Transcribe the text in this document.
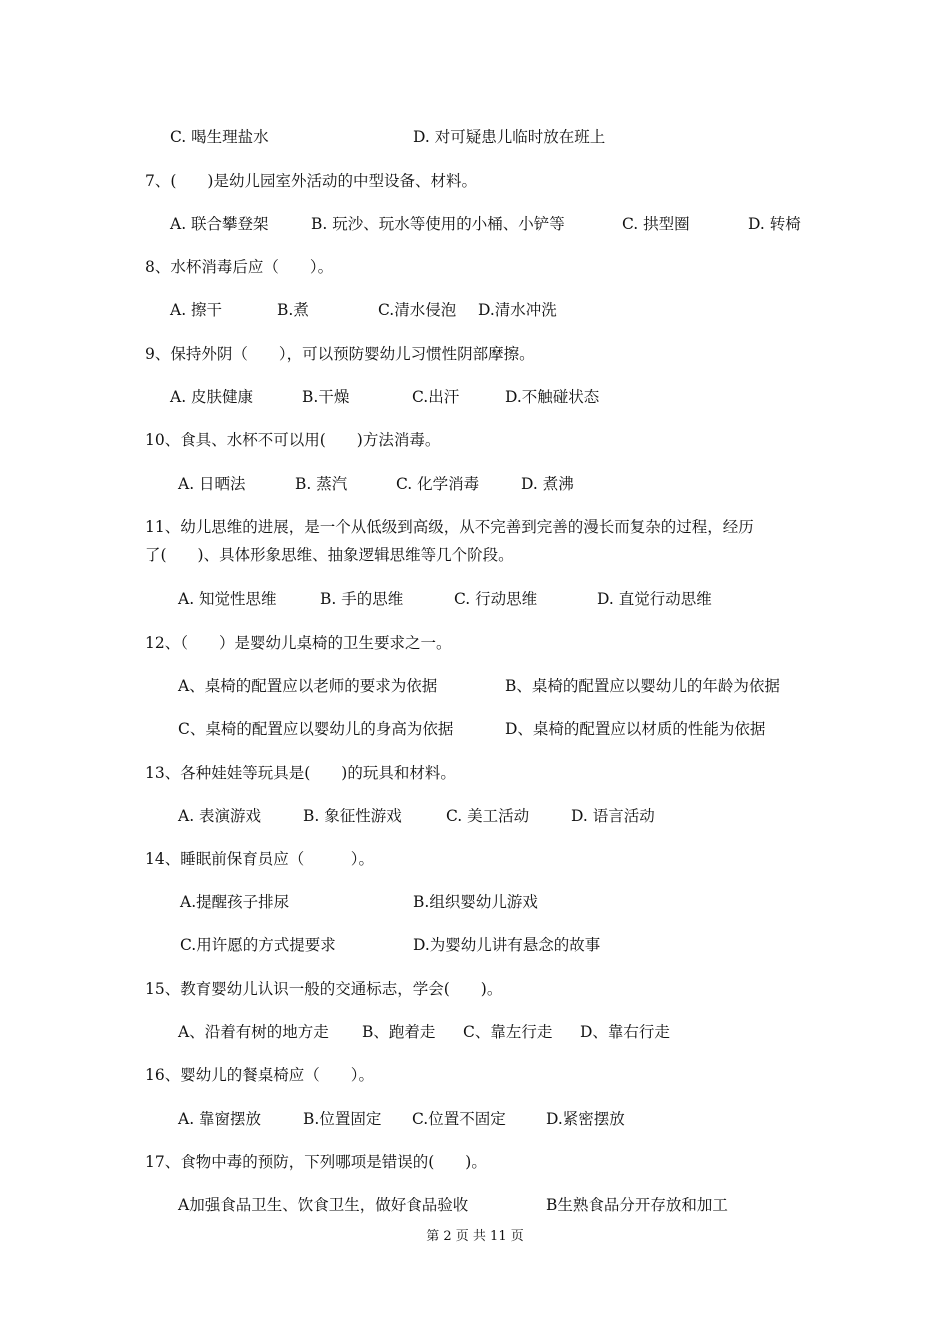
C. 喝生理盐水	D. 对可疑患儿临时放在班上
7、(　　)是幼儿园室外活动的中型设备、材料。
A. 联合攀登架	B. 玩沙、玩水等使用的小桶、小铲等	C. 拱型圈	D. 转椅
8、水杯消毒后应（　　）。
A. 擦干	B.煮	C.清水侵泡 D.清水冲洗
9、保持外阴（　　），可以预防婴幼儿习惯性阴部摩擦。
A. 皮肤健康	B.干燥	C.出汗	D.不触碰状态
10、食具、水杯不可以用(　　)方法消毒。
A. 日晒法	B. 蒸汽	C. 化学消毒	D. 煮沸
11、幼儿思维的进展，是一个从低级到高级，从不完善到完善的漫长而复杂的过程，经历
了(　　)、具体形象思维、抽象逻辑思维等几个阶段。
A. 知觉性思维	B. 手的思维	C. 行动思维	D. 直觉行动思维
12、（　　）是婴幼儿桌椅的卫生要求之一。
A、桌椅的配置应以老师的要求为依据	B、桌椅的配置应以婴幼儿的年龄为依据
C、桌椅的配置应以婴幼儿的身高为依据	D、桌椅的配置应以材质的性能为依据
13、各种娃娃等玩具是(　　)的玩具和材料。
A. 表演游戏	B. 象征性游戏	C. 美工活动	D. 语言活动
14、睡眠前保育员应（　　　）。
A.提醒孩子排尿	B.组织婴幼儿游戏
C.用许愿的方式提要求	D.为婴幼儿讲有悬念的故事
15、教育婴幼儿认识一般的交通标志，学会(　　)。
A、沿着有树的地方走 B、跑着走 C、靠左行走 D、靠右行走
16、婴幼儿的餐桌椅应（　　）。
A. 靠窗摆放	B.位置固定 C.位置不固定	D.紧密摆放
17、食物中毒的预防，下列哪项是错误的(　　)。
A加强食品卫生、饮食卫生，做好食品验收	B生熟食品分开存放和加工
第 2 页 共 11 页
